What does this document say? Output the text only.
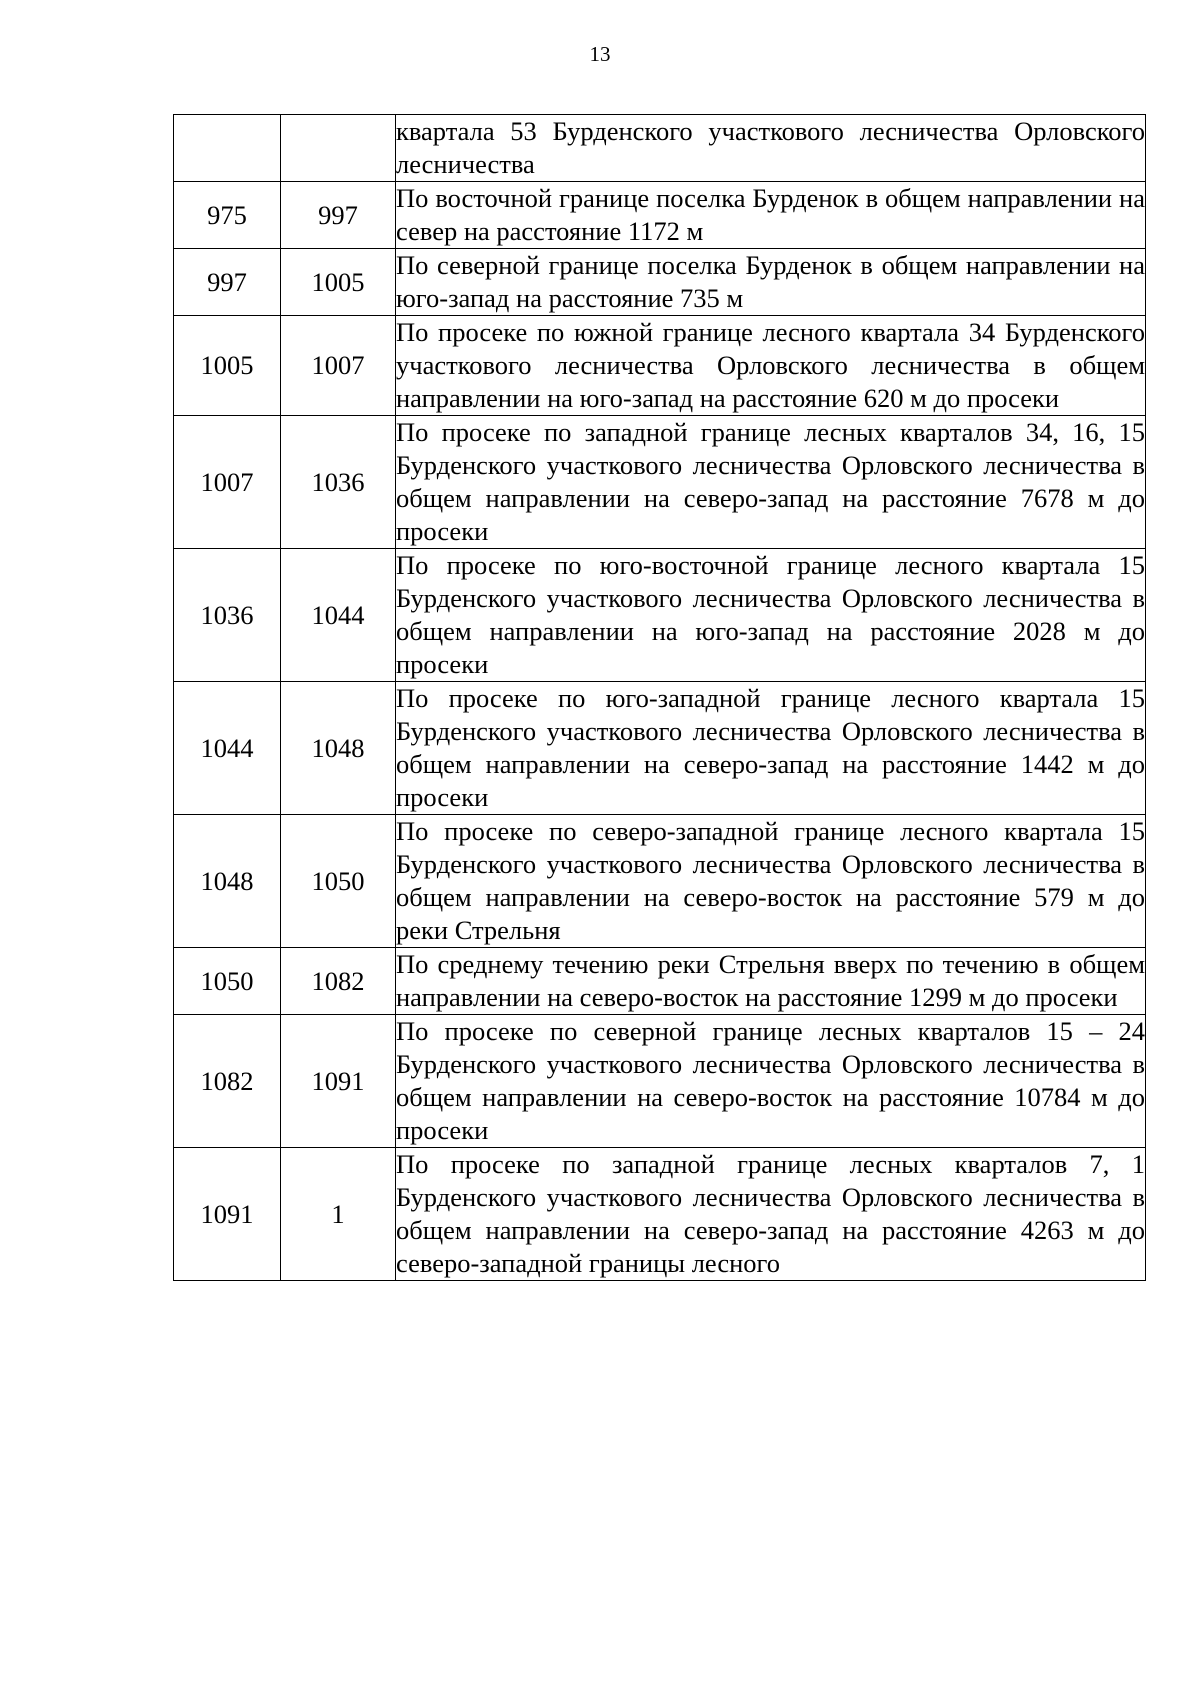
13
		квартала 53 Бурденского участкового лесничества Орловского лесничества
975	997	По восточной границе поселка Бурденок в общем направлении на север на расстояние 1172 м
997	1005	По северной границе поселка Бурденок в общем направлении на юго-запад на расстояние 735 м
1005	1007	По просеке по южной границе лесного квартала 34 Бурденского участкового лесничества Орловского лесничества в общем направлении на юго-запад на расстояние 620 м до просеки
1007	1036	По просеке по западной границе лесных кварталов 34, 16, 15 Бурденского участкового лесничества Орловского лесничества в общем направлении на северо-запад на расстояние 7678 м до просеки
1036	1044	По просеке по юго-восточной границе лесного квартала 15 Бурденского участкового лесничества Орловского лесничества в общем направлении на юго-запад на расстояние 2028 м до просеки
1044	1048	По просеке по юго-западной границе лесного квартала 15 Бурденского участкового лесничества Орловского лесничества в общем направлении на северо-запад на расстояние 1442 м до просеки
1048	1050	По просеке по северо-западной границе лесного квартала 15 Бурденского участкового лесничества Орловского лесничества в общем направлении на северо-восток на расстояние 579 м до реки Стрельня
1050	1082	По среднему течению реки Стрельня вверх по течению в общем направлении на северо-восток на расстояние 1299 м до просеки
1082	1091	По просеке по северной границе лесных кварталов 15 – 24 Бурденского участкового лесничества Орловского лесничества в общем направлении на северо-восток на расстояние 10784 м до просеки
1091	1	По просеке по западной границе лесных кварталов 7, 1 Бурденского участкового лесничества Орловского лесничества в общем направлении на северо-запад на расстояние 4263 м до северо-западной границы лесного
